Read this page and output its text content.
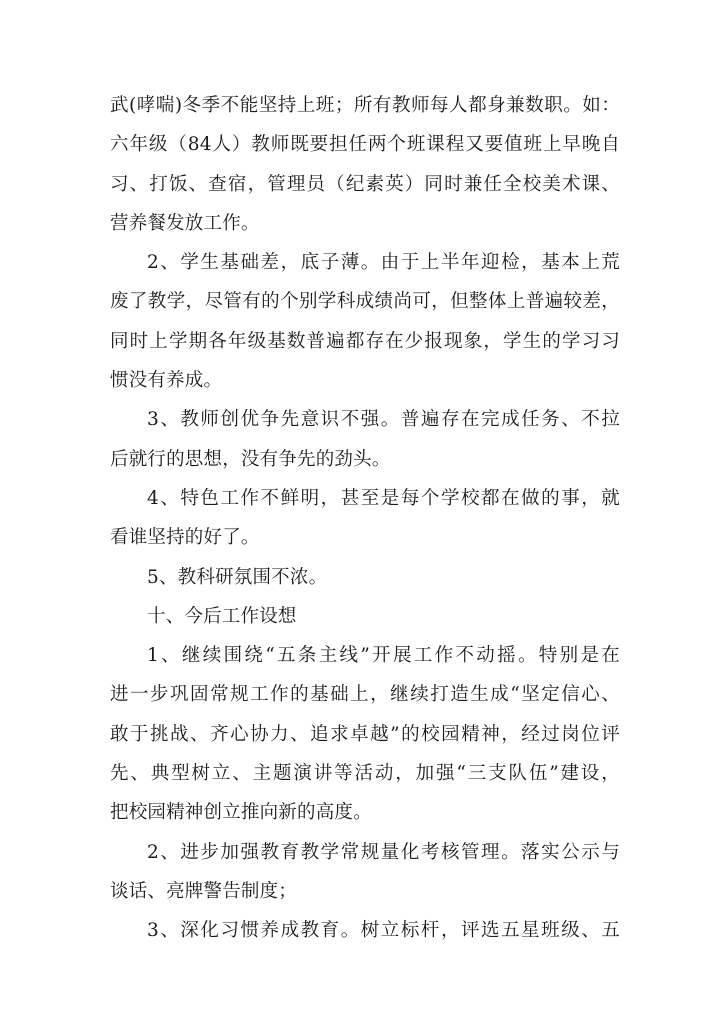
武(哮喘)冬季不能坚持上班；所有教师每人都身兼数职。如：
六年级（84人）教师既要担任两个班课程又要值班上早晚自
习、打饭、查宿，管理员（纪素英）同时兼任全校美术课、
营养餐发放工作。
2、学生基础差，底子薄。由于上半年迎检，基本上荒
废了教学，尽管有的个别学科成绩尚可，但整体上普遍较差，
同时上学期各年级基数普遍都存在少报现象，学生的学习习
惯没有养成。
3、教师创优争先意识不强。普遍存在完成任务、不拉
后就行的思想，没有争先的劲头。
4、特色工作不鲜明，甚至是每个学校都在做的事，就
看谁坚持的好了。
5、教科研氛围不浓。
十、今后工作设想
1、继续围绕“五条主线”开展工作不动摇。特别是在
进一步巩固常规工作的基础上，继续打造生成“坚定信心、
敢于挑战、齐心协力、追求卓越”的校园精神，经过岗位评
先、典型树立、主题演讲等活动，加强“三支队伍”建设，
把校园精神创立推向新的高度。
2、进步加强教育教学常规量化考核管理。落实公示与
谈话、亮牌警告制度；
3、深化习惯养成教育。树立标杆，评选五星班级、五
